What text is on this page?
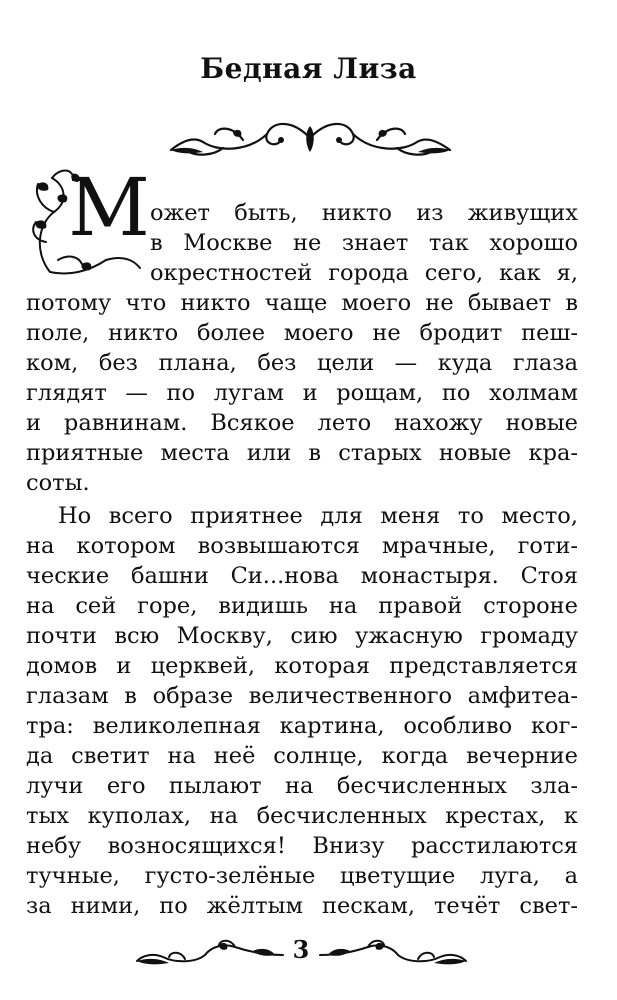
Бедная Лиза
М ожет быть, никто из живущих
в Москве не знает так хорошо
окрестностей города сего, как я,
потому что никто чаще моего не бывает в
поле, никто более моего не бродит пеш-
ком, без плана, без цели — куда глаза
глядят — по лугам и рощам, по холмам
и равнинам. Всякое лето нахожу новые
приятные места или в старых новые кра-
соты.
Но всего приятнее для меня то место,
на котором возвышаются мрачные, готи-
ческие башни Си...нова монастыря. Стоя
на сей горе, видишь на правой стороне
почти всю Москву, сию ужасную громаду
домов и церквей, которая представляется
глазам в образе величественного амфитеа-
тра: великолепная картина, особливо ког-
да светит на неё солнце, когда вечерние
лучи его пылают на бесчисленных зла-
тых куполах, на бесчисленных крестах, к
небу возносящихся! Внизу расстилаются
тучные, густо-зелёные цветущие луга, а
за ними, по жёлтым пескам, течёт свет-
3
